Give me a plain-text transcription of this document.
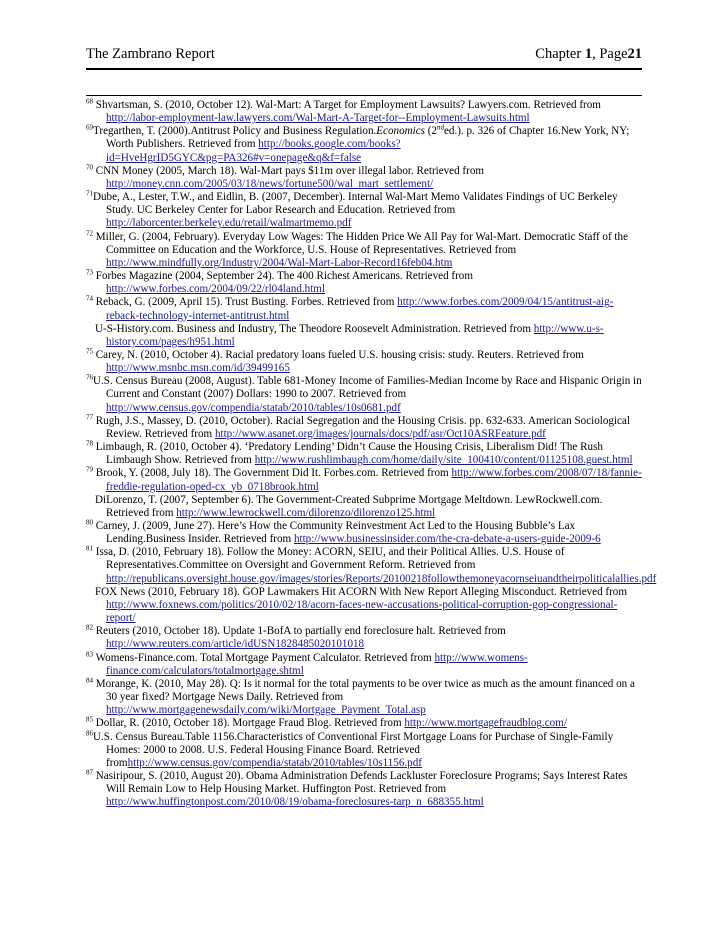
The Zambrano Report	Chapter 1, Page21

$^{68}$ Shvartsman, S. (2010, October 12). Wal-Mart: A Target for Employment Lawsuits? Lawyers.com. Retrieved from http://labor-employment-law.lawyers.com/Wal-Mart-A-Target-for--Employment-Lawsuits.html

$^{69}$Tregarthen, T. (2000).Antitrust Policy and Business Regulation.Economics (2nded.). p. 326 of Chapter 16.New York, NY; Worth Publishers. Retrieved from http://books.google.com/books?id=HveHgrID5GYC&pg=PA326#v=onepage&q&f=false

$^{70}$ CNN Money (2005, March 18). Wal-Mart pays $11m over illegal labor. Retrieved from http://money.cnn.com/2005/03/18/news/fortune500/wal_mart_settlement/

$^{71}$Dube, A., Lester, T.W., and Eidlin, B. (2007, December). Internal Wal-Mart Memo Validates Findings of UC Berkeley Study. UC Berkeley Center for Labor Research and Education. Retrieved from http://laborcenter.berkeley.edu/retail/walmartmemo.pdf

$^{72}$ Miller, G. (2004, February). Everyday Low Wages: The Hidden Price We All Pay for Wal-Mart. Democratic Staff of the Committee on Education and the Workforce, U.S. House of Representatives. Retrieved from http://www.mindfully.org/Industry/2004/Wal-Mart-Labor-Record16feb04.htm

$^{73}$ Forbes Magazine (2004, September 24). The 400 Richest Americans. Retrieved from http://www.forbes.com/2004/09/22/rl04land.html

$^{74}$ Reback, G. (2009, April 15). Trust Busting. Forbes. Retrieved from http://www.forbes.com/2009/04/15/antitrust-aig-reback-technology-internet-antitrust.html

U-S-History.com. Business and Industry, The Theodore Roosevelt Administration. Retrieved from http://www.u-s-history.com/pages/h951.html

$^{75}$ Carey, N. (2010, October 4). Racial predatory loans fueled U.S. housing crisis: study. Reuters. Retrieved from http://www.msnbc.msn.com/id/39499165

$^{76}$U.S. Census Bureau (2008, August). Table 681-Money Income of Families-Median Income by Race and Hispanic Origin in Current and Constant (2007) Dollars: 1990 to 2007. Retrieved from http://www.census.gov/compendia/statab/2010/tables/10s0681.pdf

$^{77}$ Rugh, J.S., Massey, D. (2010, October). Racial Segregation and the Housing Crisis. pp. 632-633. American Sociological Review. Retrieved from http://www.asanet.org/images/journals/docs/pdf/asr/Oct10ASRFeature.pdf

$^{78}$ Limbaugh, R. (2010, October 4). ‘Predatory Lending’ Didn’t Cause the Housing Crisis, Liberalism Did! The Rush Limbaugh Show. Retrieved from http://www.rushlimbaugh.com/home/daily/site_100410/content/01125108.guest.html

$^{79}$ Brook, Y. (2008, July 18). The Government Did It. Forbes.com. Retrieved from http://www.forbes.com/2008/07/18/fannie-freddie-regulation-oped-cx_yb_0718brook.html

DiLorenzo, T. (2007, September 6). The Government-Created Subprime Mortgage Meltdown. LewRockwell.com. Retrieved from http://www.lewrockwell.com/dilorenzo/dilorenzo125.html

$^{80}$ Carney, J. (2009, June 27). Here’s How the Community Reinvestment Act Led to the Housing Bubble’s Lax Lending.Business Insider. Retrieved from http://www.businessinsider.com/the-cra-debate-a-users-guide-2009-6

$^{81}$ Issa, D. (2010, February 18). Follow the Money: ACORN, SEIU, and their Political Allies. U.S. House of Representatives.Committee on Oversight and Government Reform. Retrieved from http://republicans.oversight.house.gov/images/stories/Reports/20100218followthemoneyacornseiuandtheirpoliticalallies.pdf

FOX News (2010, February 18). GOP Lawmakers Hit ACORN With New Report Alleging Misconduct. Retrieved from http://www.foxnews.com/politics/2010/02/18/acorn-faces-new-accusations-political-corruption-gop-congressional-report/

$^{82}$ Reuters (2010, October 18). Update 1-BofA to partially end foreclosure halt. Retrieved from http://www.reuters.com/article/idUSN1828485020101018

$^{83}$ Womens-Finance.com. Total Mortgage Payment Calculator. Retrieved from http://www.womens-finance.com/calculators/totalmortgage.shtml

$^{84}$ Morange, K. (2010, May 28). Q: Is it normal for the total payments to be over twice as much as the amount financed on a 30 year fixed? Mortgage News Daily. Retrieved from http://www.mortgagenewsdaily.com/wiki/Mortgage_Payment_Total.asp

$^{85}$ Dollar, R. (2010, October 18). Mortgage Fraud Blog. Retrieved from http://www.mortgagefraudblog.com/

$^{86}$U.S. Census Bureau.Table 1156.Characteristics of Conventional First Mortgage Loans for Purchase of Single-Family Homes: 2000 to 2008. U.S. Federal Housing Finance Board. Retrieved fromhttp://www.census.gov/compendia/statab/2010/tables/10s1156.pdf

$^{87}$ Nasiripour, S. (2010, August 20). Obama Administration Defends Lackluster Foreclosure Programs; Says Interest Rates Will Remain Low to Help Housing Market. Huffington Post. Retrieved from http://www.huffingtonpost.com/2010/08/19/obama-foreclosures-tarp_n_688355.html
